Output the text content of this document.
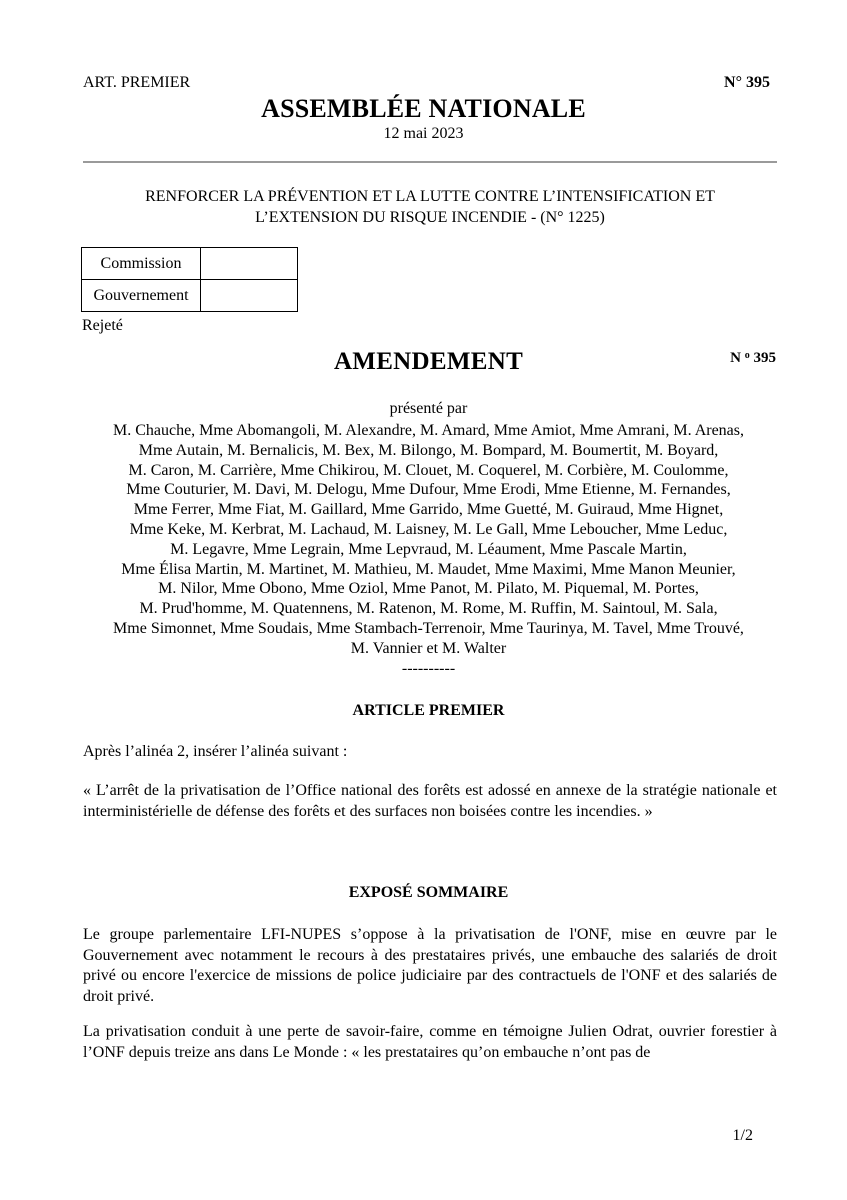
ART. PREMIER	N° 395
ASSEMBLÉE NATIONALE
12 mai 2023
RENFORCER LA PRÉVENTION ET LA LUTTE CONTRE L’INTENSIFICATION ET
L’EXTENSION DU RISQUE INCENDIE - (N° 1225)
Commission	
Gouvernement	
Rejeté
AMENDEMENT	N $^o$ 395
présenté par
M. Chauche, Mme Abomangoli, M. Alexandre, M. Amard, Mme Amiot, Mme Amrani, M. Arenas,
Mme Autain, M. Bernalicis, M. Bex, M. Bilongo, M. Bompard, M. Boumertit, M. Boyard,
M. Caron, M. Carrière, Mme Chikirou, M. Clouet, M. Coquerel, M. Corbière, M. Coulomme,
Mme Couturier, M. Davi, M. Delogu, Mme Dufour, Mme Erodi, Mme Etienne, M. Fernandes,
Mme Ferrer, Mme Fiat, M. Gaillard, Mme Garrido, Mme Guetté, M. Guiraud, Mme Hignet,
Mme Keke, M. Kerbrat, M. Lachaud, M. Laisney, M. Le Gall, Mme Leboucher, Mme Leduc,
M. Legavre, Mme Legrain, Mme Lepvraud, M. Léaument, Mme Pascale Martin,
Mme Élisa Martin, M. Martinet, M. Mathieu, M. Maudet, Mme Maximi, Mme Manon Meunier,
M. Nilor, Mme Obono, Mme Oziol, Mme Panot, M. Pilato, M. Piquemal, M. Portes,
M. Prud'homme, M. Quatennens, M. Ratenon, M. Rome, M. Ruffin, M. Saintoul, M. Sala,
Mme Simonnet, Mme Soudais, Mme Stambach-Terrenoir, Mme Taurinya, M. Tavel, Mme Trouvé,
M. Vannier et M. Walter
----------
ARTICLE PREMIER
Après l’alinéa 2, insérer l’alinéa suivant :
« L’arrêt de la privatisation de l’Office national des forêts est adossé en annexe de la stratégie nationale et interministérielle de défense des forêts et des surfaces non boisées contre les incendies. »
EXPOSÉ SOMMAIRE
Le groupe parlementaire LFI-NUPES s’oppose à la privatisation de l'ONF, mise en œuvre par le Gouvernement avec notamment le recours à des prestataires privés, une embauche des salariés de droit privé ou encore l'exercice de missions de police judiciaire par des contractuels de l'ONF et des salariés de droit privé.
La privatisation conduit à une perte de savoir-faire, comme en témoigne Julien Odrat, ouvrier forestier à l’ONF depuis treize ans dans Le Monde : « les prestataires qu’on embauche n’ont pas de
1/2
